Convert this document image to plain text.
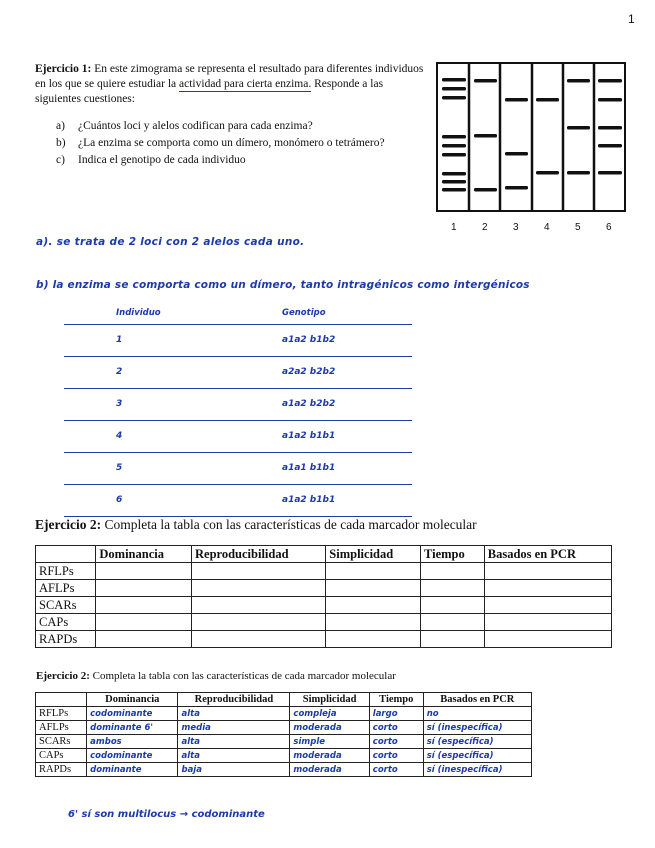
1
Ejercicio 1: En este zimograma se representa el resultado para diferentes individuos en los que se quiere estudiar la actividad para cierta enzima. Responde a las siguientes cuestiones:
a)	¿Cuántos loci y alelos codifican para cada enzima?
b)	¿La enzima se comporta como un dímero, monómero o tetrámero?
c)	Indica el genotipo de cada individuo
1	2	3	4	5	6
a). se trata de 2 loci con 2 alelos cada uno.
b) la enzima se comporta como un dímero, tanto intragénicos como intergénicos
Individuo	Genotipo
1	a1a2 b1b2
2	a2a2 b2b2
3	a1a2 b2b2
4	a1a2 b1b1
5	a1a1 b1b1
6	a1a2 b1b1
Ejercicio 2: Completa la tabla con las características de cada marcador molecular
	Dominancia	Reproducibilidad	Simplicidad	Tiempo	Basados en PCR
RFLPs					
AFLPs					
SCARs					
CAPs					
RAPDs					
Ejercicio 2: Completa la tabla con las características de cada marcador molecular
	Dominancia	Reproducibilidad	Simplicidad	Tiempo	Basados en PCR
RFLPs	codominante	alta	compleja	largo	no
AFLPs	dominante 6'	media	moderada	corto	sí (inespecífica)
SCARs	ambos	alta	simple	corto	sí (específica)
CAPs	codominante	alta	moderada	corto	sí (específica)
RAPDs	dominante	baja	moderada	corto	sí (inespecífica)
6' sí son multilocus → codominante
